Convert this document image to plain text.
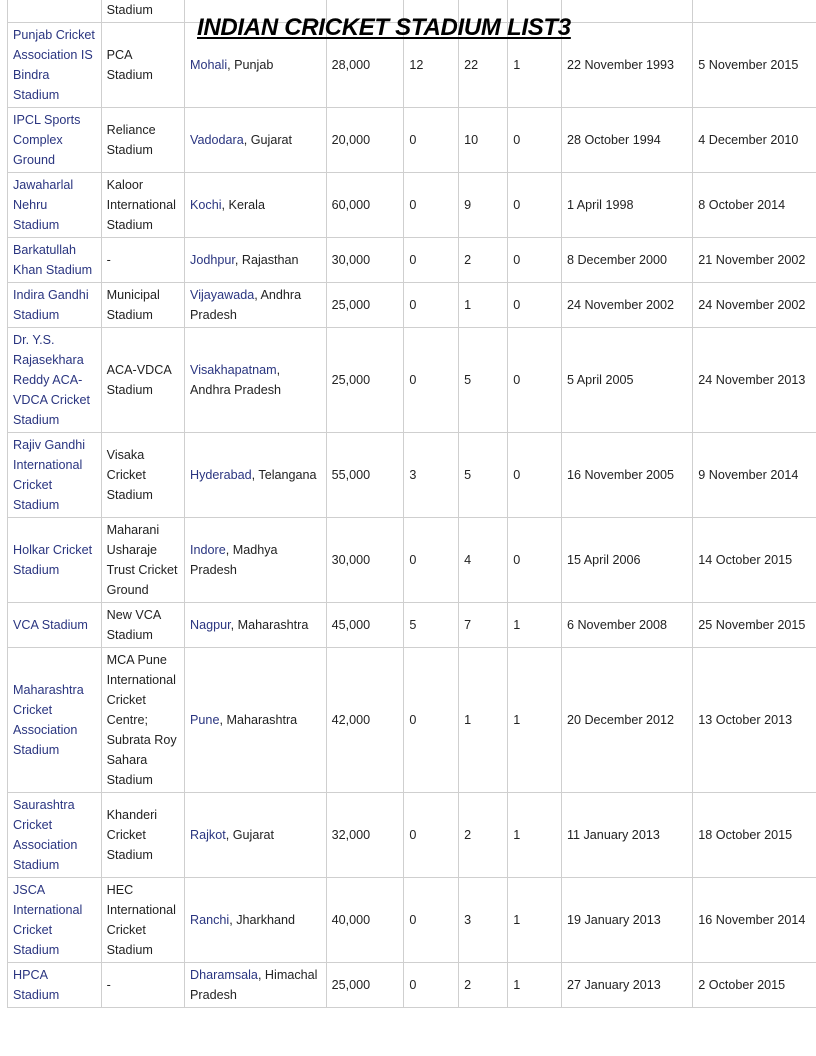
INDIAN CRICKET STADIUM LIST3
	Stadium							
Punjab Cricket Association IS Bindra Stadium	PCA Stadium	Mohali, Punjab	28,000	12	22	1	22 November 1993	5 November 2015
IPCL Sports Complex Ground	Reliance Stadium	Vadodara, Gujarat	20,000	0	10	0	28 October 1994	4 December 2010
Jawaharlal Nehru Stadium	Kaloor International Stadium	Kochi, Kerala	60,000	0	9	0	1 April 1998	8 October 2014
Barkatullah Khan Stadium	-	Jodhpur, Rajasthan	30,000	0	2	0	8 December 2000	21 November 2002
Indira Gandhi Stadium	Municipal Stadium	Vijayawada, Andhra Pradesh	25,000	0	1	0	24 November 2002	24 November 2002
Dr. Y.S. Rajasekhara Reddy ACA-VDCA Cricket Stadium	ACA-VDCA Stadium	Visakhapatnam, Andhra Pradesh	25,000	0	5	0	5 April 2005	24 November 2013
Rajiv Gandhi International Cricket Stadium	Visaka Cricket Stadium	Hyderabad, Telangana	55,000	3	5	0	16 November 2005	9 November 2014
Holkar Cricket Stadium	Maharani Usharaje Trust Cricket Ground	Indore, Madhya Pradesh	30,000	0	4	0	15 April 2006	14 October 2015
VCA Stadium	New VCA Stadium	Nagpur, Maharashtra	45,000	5	7	1	6 November 2008	25 November 2015
Maharashtra Cricket Association Stadium	MCA Pune International Cricket Centre; Subrata Roy Sahara Stadium	Pune, Maharashtra	42,000	0	1	1	20 December 2012	13 October 2013
Saurashtra Cricket Association Stadium	Khanderi Cricket Stadium	Rajkot, Gujarat	32,000	0	2	1	11 January 2013	18 October 2015
JSCA International Cricket Stadium	HEC International Cricket Stadium	Ranchi, Jharkhand	40,000	0	3	1	19 January 2013	16 November 2014
HPCA Stadium	-	Dharamsala, Himachal Pradesh	25,000	0	2	1	27 January 2013	2 October 2015
